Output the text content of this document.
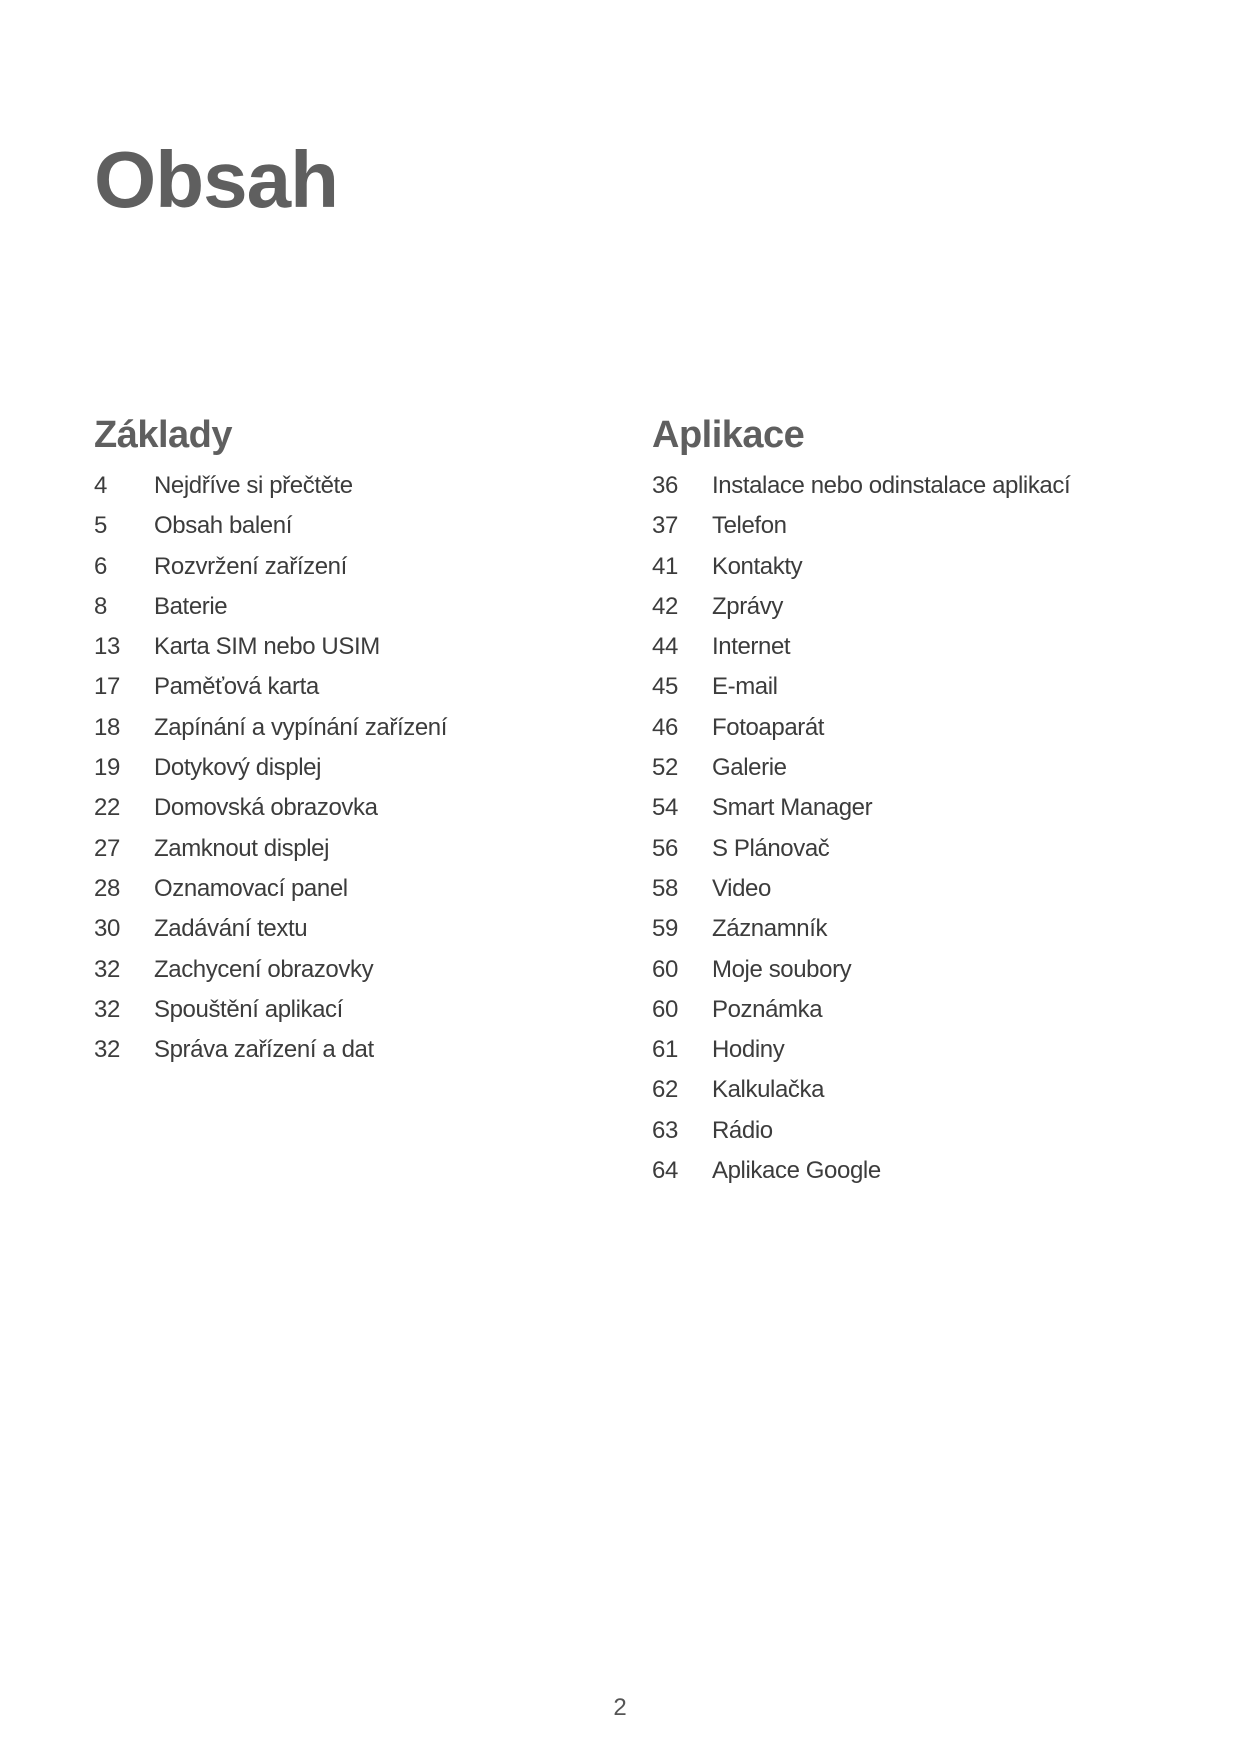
Obsah
Základy
4	Nejdříve si přečtěte
5	Obsah balení
6	Rozvržení zařízení
8	Baterie
13	Karta SIM nebo USIM
17	Paměťová karta
18	Zapínání a vypínání zařízení
19	Dotykový displej
22	Domovská obrazovka
27	Zamknout displej
28	Oznamovací panel
30	Zadávání textu
32	Zachycení obrazovky
32	Spouštění aplikací
32	Správa zařízení a dat
Aplikace
36	Instalace nebo odinstalace aplikací
37	Telefon
41	Kontakty
42	Zprávy
44	Internet
45	E-mail
46	Fotoaparát
52	Galerie
54	Smart Manager
56	S Plánovač
58	Video
59	Záznamník
60	Moje soubory
60	Poznámka
61	Hodiny
62	Kalkulačka
63	Rádio
64	Aplikace Google
2
